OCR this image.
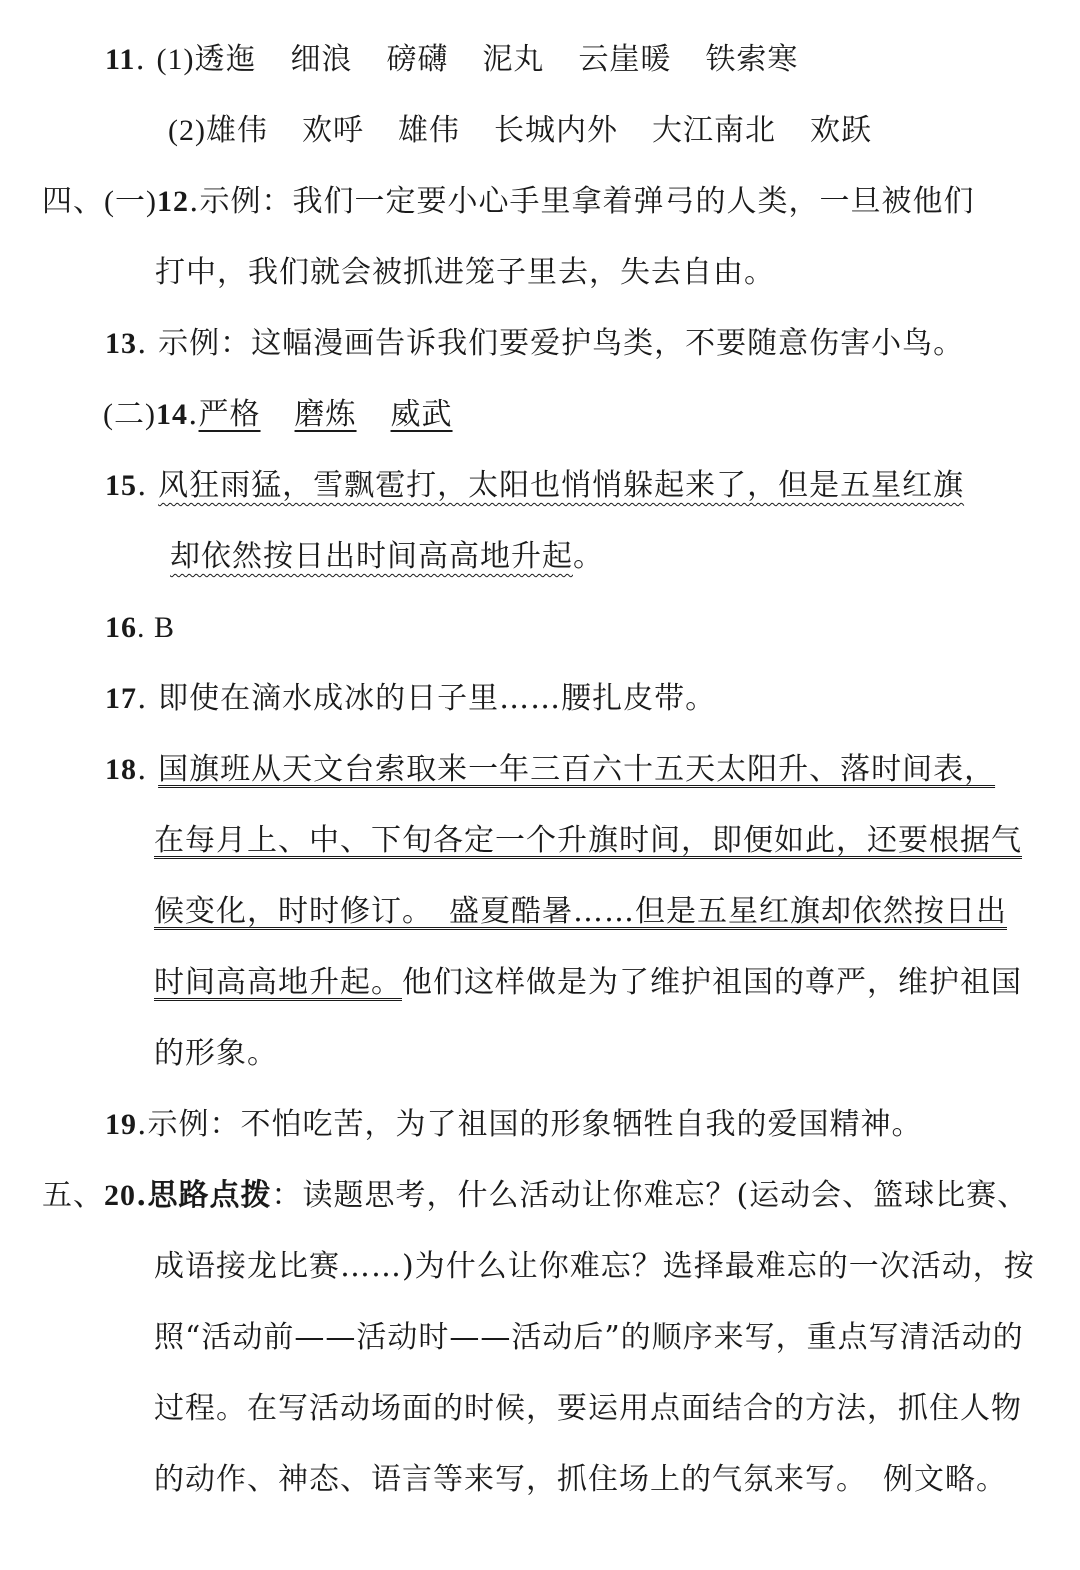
11. (1)透迤 细浪 磅礴 泥丸 云崖暖 铁索寒
(2)雄伟 欢呼 雄伟 长城内外 大江南北 欢跃
四、(一)12.示例：我们一定要小心手里拿着弹弓的人类，一旦被他们
打中，我们就会被抓进笼子里去，失去自由。
13. 示例：这幅漫画告诉我们要爱护鸟类，不要随意伤害小鸟。
(二)14.严格 磨炼 威武
15. 风狂雨猛，雪飘雹打，太阳也悄悄躲起来了，但是五星红旗
却依然按日出时间高高地升起。
16. B
17. 即使在滴水成冰的日子里……腰扎皮带。
18. 国旗班从天文台索取来一年三百六十五天太阳升、落时间表，
在每月上、中、下旬各定一个升旗时间，即便如此，还要根据气
候变化，时时修订。　盛夏酷暑……但是五星红旗却依然按日出
时间高高地升起。他们这样做是为了维护祖国的尊严，维护祖国
的形象。
19.示例：不怕吃苦，为了祖国的形象牺牲自我的爱国精神。
五、20.思路点拨：读题思考，什么活动让你难忘？(运动会、篮球比赛、
成语接龙比赛……)为什么让你难忘？选择最难忘的一次活动，按
照“活动前——活动时——活动后”的顺序来写，重点写清活动的
过程。在写活动场面的时候，要运用点面结合的方法，抓住人物
的动作、神态、语言等来写，抓住场上的气氛来写。　例文略。
